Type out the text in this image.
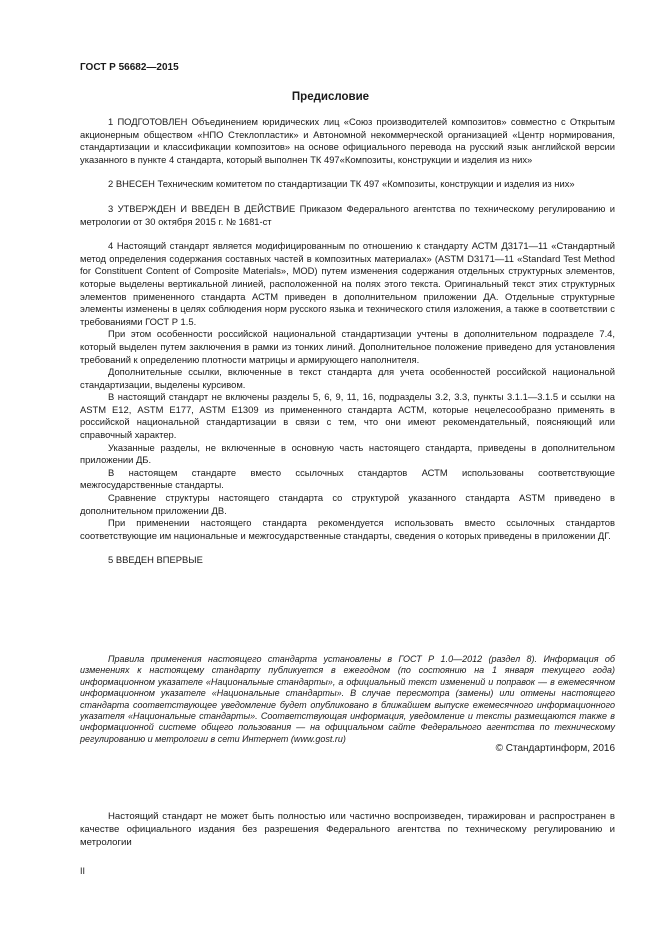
ГОСТ Р 56682—2015
Предисловие

1 ПОДГОТОВЛЕН Объединением юридических лиц «Союз производителей композитов» совместно с Открытым акционерным обществом «НПО Стеклопластик» и Автономной некоммерческой организацией «Центр нормирования, стандартизации и классификации композитов» на основе официального перевода на русский язык английской версии указанного в пункте 4 стандарта, который выполнен ТК 497«Композиты, конструкции и изделия из них»

2 ВНЕСЕН Техническим комитетом по стандартизации ТК 497 «Композиты, конструкции и изделия из них»

3 УТВЕРЖДЕН И ВВЕДЕН В ДЕЙСТВИЕ Приказом Федерального агентства по техническому регулированию и метрологии от 30 октября 2015 г. № 1681-ст

4 Настоящий стандарт является модифицированным по отношению к стандарту АСТМ Д3171—11 «Стандартный метод определения содержания составных частей в композитных материалах» (ASTM D3171—11 «Standard Test Method for Constituent Content of Composite Materials», MOD) путем изменения содержания отдельных структурных элементов, которые выделены вертикальной линией, расположенной на полях этого текста. Оригинальный текст этих структурных элементов примененного стандарта АСТМ приведен в дополнительном приложении ДА. Отдельные структурные элементы изменены в целях соблюдения норм русского языка и технического стиля изложения, а также в соответствии с требованиями ГОСТ Р 1.5.

При этом особенности российской национальной стандартизации учтены в дополнительном подразделе 7.4, который выделен путем заключения в рамки из тонких линий. Дополнительное положение приведено для установления требований к определению плотности матрицы и армирующего наполнителя.

Дополнительные ссылки, включенные в текст стандарта для учета особенностей российской национальной стандартизации, выделены курсивом.

В настоящий стандарт не включены разделы 5, 6, 9, 11, 16, подразделы 3.2, 3.3, пункты 3.1.1—3.1.5 и ссылки на ASTM Е12, ASTM E177, ASTM E1309 из примененного стандарта АСТМ, которые нецелесообразно применять в российской национальной стандартизации в связи с тем, что они имеют рекомендательный, поясняющий или справочный характер.

Указанные разделы, не включенные в основную часть настоящего стандарта, приведены в дополнительном приложении ДБ.

В настоящем стандарте вместо ссылочных стандартов АСТМ использованы соответствующие межгосударственные стандарты.

Сравнение структуры настоящего стандарта со структурой указанного стандарта ASTM приведено в дополнительном приложении ДВ.

При применении настоящего стандарта рекомендуется использовать вместо ссылочных стандартов соответствующие им национальные и межгосударственные стандарты, сведения о которых приведены в приложении ДГ.

5 ВВЕДЕН ВПЕРВЫЕ

Правила применения настоящего стандарта установлены в ГОСТ Р 1.0—2012 (раздел 8). Информация об изменениях к настоящему стандарту публикуется в ежегодном (по состоянию на 1 января текущего года) информационном указателе «Национальные стандарты», а официальный текст изменений и поправок — в ежемесячном информационном указателе «Национальные стандарты». В случае пересмотра (замены) или отмены настоящего стандарта соответствующее уведомление будет опубликовано в ближайшем выпуске ежемесячного информационного указателя «Национальные стандарты». Соответствующая информация, уведомление и тексты размещаются также в информационной системе общего пользования — на официальном сайте Федерального агентства по техническому регулированию и метрологии в сети Интернет (www.gost.ru)

© Стандартинформ, 2016

Настоящий стандарт не может быть полностью или частично воспроизведен, тиражирован и распространен в качестве официального издания без разрешения Федерального агентства по техническому регулированию и метрологии

II
